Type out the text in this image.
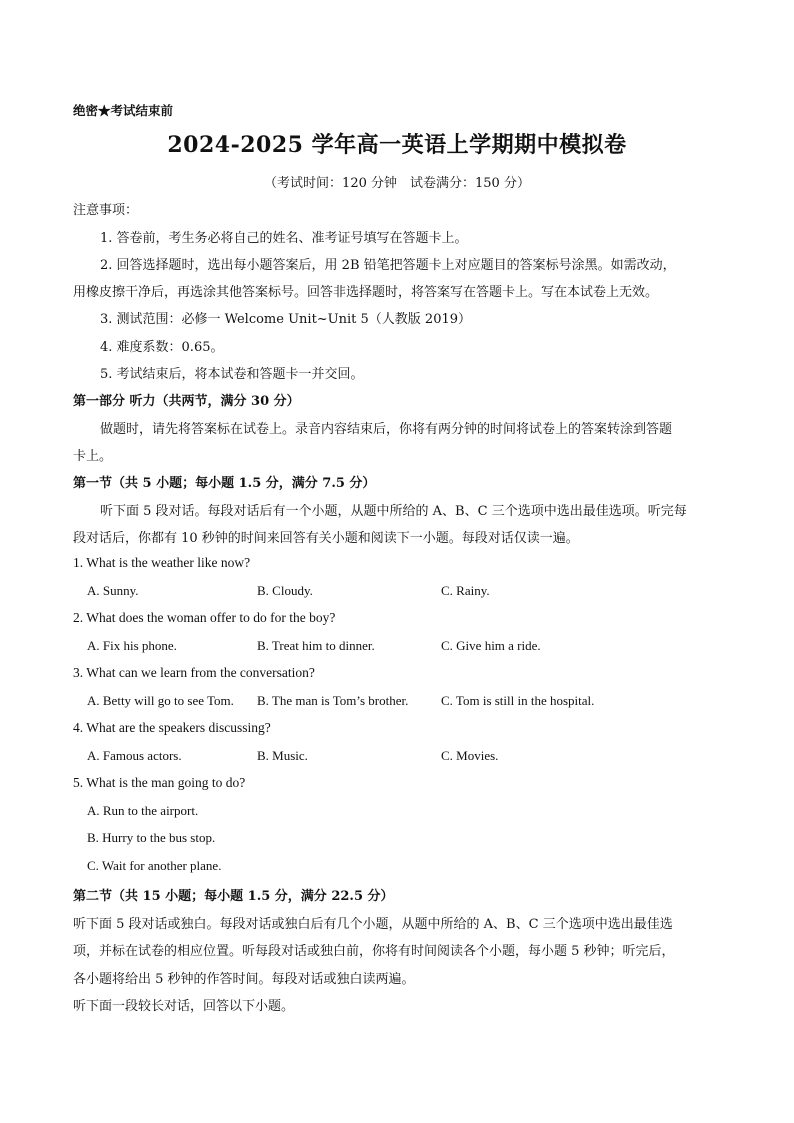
绝密★考试结束前
2024-2025 学年高一英语上学期期中模拟卷
（考试时间：120 分钟　试卷满分：150 分）
注意事项：
1. 答卷前，考生务必将自己的姓名、准考证号填写在答题卡上。
2. 回答选择题时，选出每小题答案后，用 2B 铅笔把答题卡上对应题目的答案标号涂黑。如需改动，
用橡皮擦干净后，再选涂其他答案标号。回答非选择题时，将答案写在答题卡上。写在本试卷上无效。
3. 测试范围：必修一 Welcome Unit~Unit 5（人教版 2019）
4. 难度系数：0.65。
5. 考试结束后，将本试卷和答题卡一并交回。
第一部分 听力（共两节，满分 30 分）
做题时，请先将答案标在试卷上。录音内容结束后，你将有两分钟的时间将试卷上的答案转涂到答题
卡上。
第一节（共 5 小题；每小题 1.5 分，满分 7.5 分）
听下面 5 段对话。每段对话后有一个小题，从题中所给的 A、B、C 三个选项中选出最佳选项。听完每
段对话后，你都有 10 秒钟的时间来回答有关小题和阅读下一小题。每段对话仅读一遍。
1. What is the weather like now?
A. Sunny.	B. Cloudy.	C. Rainy.
2. What does the woman offer to do for the boy?
A. Fix his phone.	B. Treat him to dinner.	C. Give him a ride.
3. What can we learn from the conversation?
A. Betty will go to see Tom. B. The man is Tom’s brother.	C. Tom is still in the hospital.
4. What are the speakers discussing?
A. Famous actors.	B. Music.	C. Movies.
5. What is the man going to do?
A. Run to the airport.
B. Hurry to the bus stop.
C. Wait for another plane.
第二节（共 15 小题；每小题 1.5 分，满分 22.5 分）
听下面 5 段对话或独白。每段对话或独白后有几个小题，从题中所给的 A、B、C 三个选项中选出最佳选
项，并标在试卷的相应位置。听每段对话或独白前，你将有时间阅读各个小题，每小题 5 秒钟；听完后，
各小题将给出 5 秒钟的作答时间。每段对话或独白读两遍。
听下面一段较长对话，回答以下小题。
